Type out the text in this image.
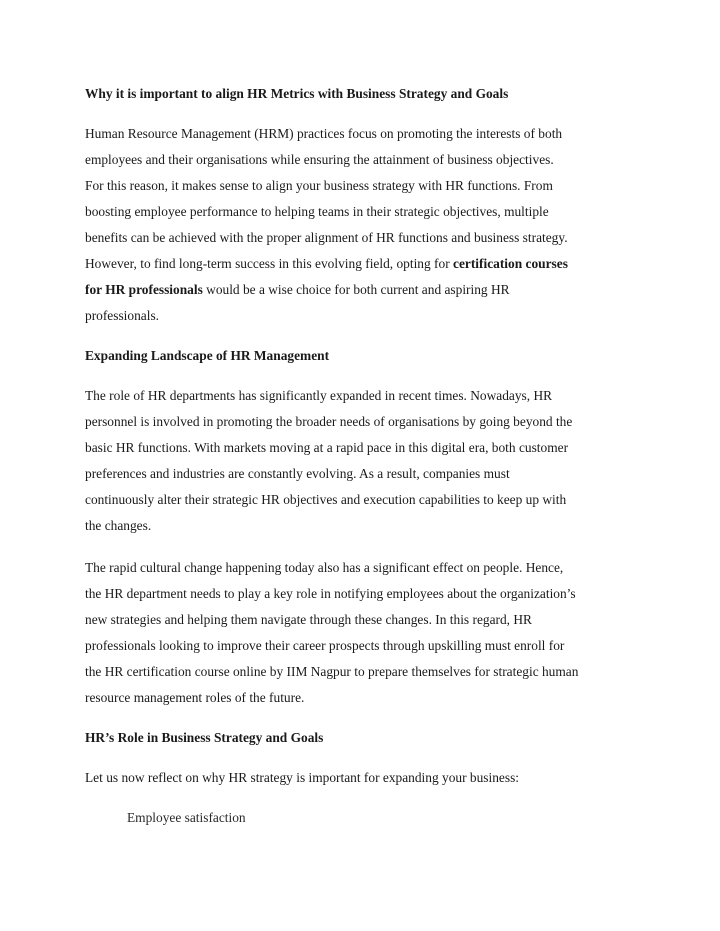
Why it is important to align HR Metrics with Business Strategy and Goals

Human Resource Management (HRM) practices focus on promoting the interests of both
employees and their organisations while ensuring the attainment of business objectives.
For this reason, it makes sense to align your business strategy with HR functions. From
boosting employee performance to helping teams in their strategic objectives, multiple
benefits can be achieved with the proper alignment of HR functions and business strategy.
However, to find long-term success in this evolving field, opting for certification courses
for HR professionals would be a wise choice for both current and aspiring HR
professionals.

Expanding Landscape of HR Management

The role of HR departments has significantly expanded in recent times. Nowadays, HR
personnel is involved in promoting the broader needs of organisations by going beyond the
basic HR functions. With markets moving at a rapid pace in this digital era, both customer
preferences and industries are constantly evolving. As a result, companies must
continuously alter their strategic HR objectives and execution capabilities to keep up with
the changes.
The rapid cultural change happening today also has a significant effect on people. Hence,
the HR department needs to play a key role in notifying employees about the organization’s
new strategies and helping them navigate through these changes. In this regard, HR
professionals looking to improve their career prospects through upskilling must enroll for
the HR certification course online by IIM Nagpur to prepare themselves for strategic human
resource management roles of the future.

HR’s Role in Business Strategy and Goals

Let us now reflect on why HR strategy is important for expanding your business:

Employee satisfaction
